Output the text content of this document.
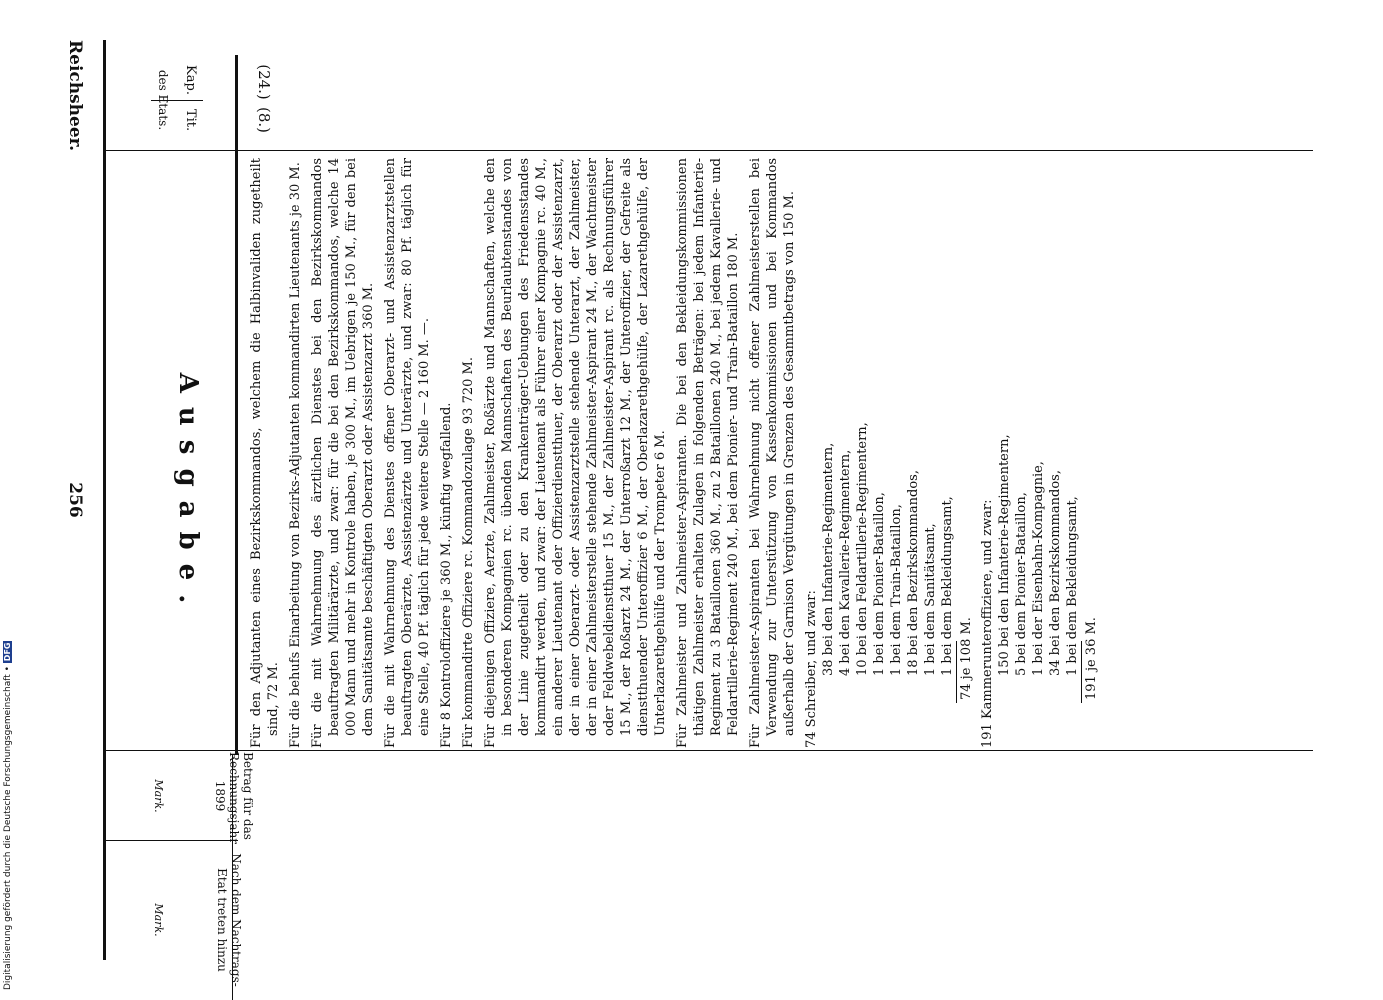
Reichsheer.
256
Kap.
Tit.
des Etats.
Ausgabe.
Betrag für das Rechnungsjahr 1899
Nach dem Nachtrags-Etat treten hinzu
Mark.
Mark.
(24.)
(8.)

Für den Adjutanten eines Bezirkskommandos, welchem die Halbinvaliden zugetheilt sind, 72 M. Für die behufs Einarbeitung von Bezirks-Adjutanten kommandirten Lieutenants je 30 M. Für die mit Wahrnehmung des ärztlichen Dienstes bei den Bezirkskommandos beauftragten Militärärzte, und zwar: für die bei den Bezirkskommandos, welche 14 000 Mann und mehr in Kontrole haben, je 300 M., im Uebrigen je 150 M., für den bei dem Sanitätsamte beschäftigten Oberarzt oder Assistenzarzt 360 M. Für die mit Wahrnehmung des Dienstes offener Oberarzt- und Assistenzarztstellen beauftragten Oberärzte, Assistenzärzte und Unterärzte, und zwar: 80 Pf. täglich für eine Stelle, 40 Pf. täglich für jede weitere Stelle — 2 160 M. —. Für 8 Kontroloffiziere je 360 M., künftig wegfallend. Für kommandirte Offiziere rc. Kommandozulage 93 720 M. Für diejenigen Offiziere, Aerzte, Zahlmeister, Roßärzte und Mannschaften, welche den in besonderen Kompagnien rc. übenden Mannschaften des Beurlaubtenstandes von der Linie zugetheilt oder zu den Krankenträger-Uebungen des Friedensstandes kommandirt werden, und zwar: der Lieutenant als Führer einer Kompagnie rc. 40 M., ein anderer Lieutenant oder Offizierdienstthuer, der Oberarzt oder der Assistenzarzt, der in einer Oberarzt- oder Assistenzarztstelle stehende Unterarzt, der Zahlmeister, der in einer Zahlmeisterstelle stehende Zahlmeister-Aspirant 24 M., der Wachtmeister oder Feldwebeldienstthuer 15 M., der Zahlmeister-Aspirant rc. als Rechnungsführer 15 M., der Roßarzt 24 M., der Unterroßarzt 12 M., der Unteroffizier, der Gefreite als dienstthuender Unteroffizier 6 M., der Oberlazarethgehülfe, der Lazarethgehülfe, der Unterlazarethgehülfe und der Trompeter 6 M. Für Zahlmeister und Zahlmeister-Aspiranten. Die bei den Bekleidungskommissionen thätigen Zahlmeister erhalten Zulagen in folgenden Beträgen: bei jedem Infanterie-Regiment zu 3 Bataillonen 360 M., zu 2 Bataillonen 240 M., bei jedem Kavallerie- und Feldartillerie-Regiment 240 M., bei dem Pionier- und Train-Bataillon 180 M. Für Zahlmeister-Aspiranten bei Wahrnehmung nicht offener Zahlmeisterstellen bei Verwendung zur Unterstützung von Kassenkommissionen und bei Kommandos außerhalb der Garnison Vergütungen in Grenzen des Gesammtbetrags von 150 M. 74 Schreiber, und zwar: 38 bei den Infanterie-Regimentern, 4 bei den Kavallerie-Regimentern, 10 bei den Feldartillerie-Regimentern, 1 bei dem Pionier-Bataillon, 1 bei dem Train-Bataillon, 18 bei den Bezirkskommandos, 1 bei dem Sanitätsamt, 1 bei dem Bekleidungsamt, 74 je 108 M. 191 Kammerunteroffiziere, und zwar: 150 bei den Infanterie-Regimentern, 5 bei dem Pionier-Bataillon, 1 bei der Eisenbahn-Kompagnie, 34 bei den Bezirkskommandos, 1 bei dem Bekleidungsamt, 191 je 36 M.
Digitalisierung gefördert durch die Deutsche Forschungsgemeinschaft • DFG
